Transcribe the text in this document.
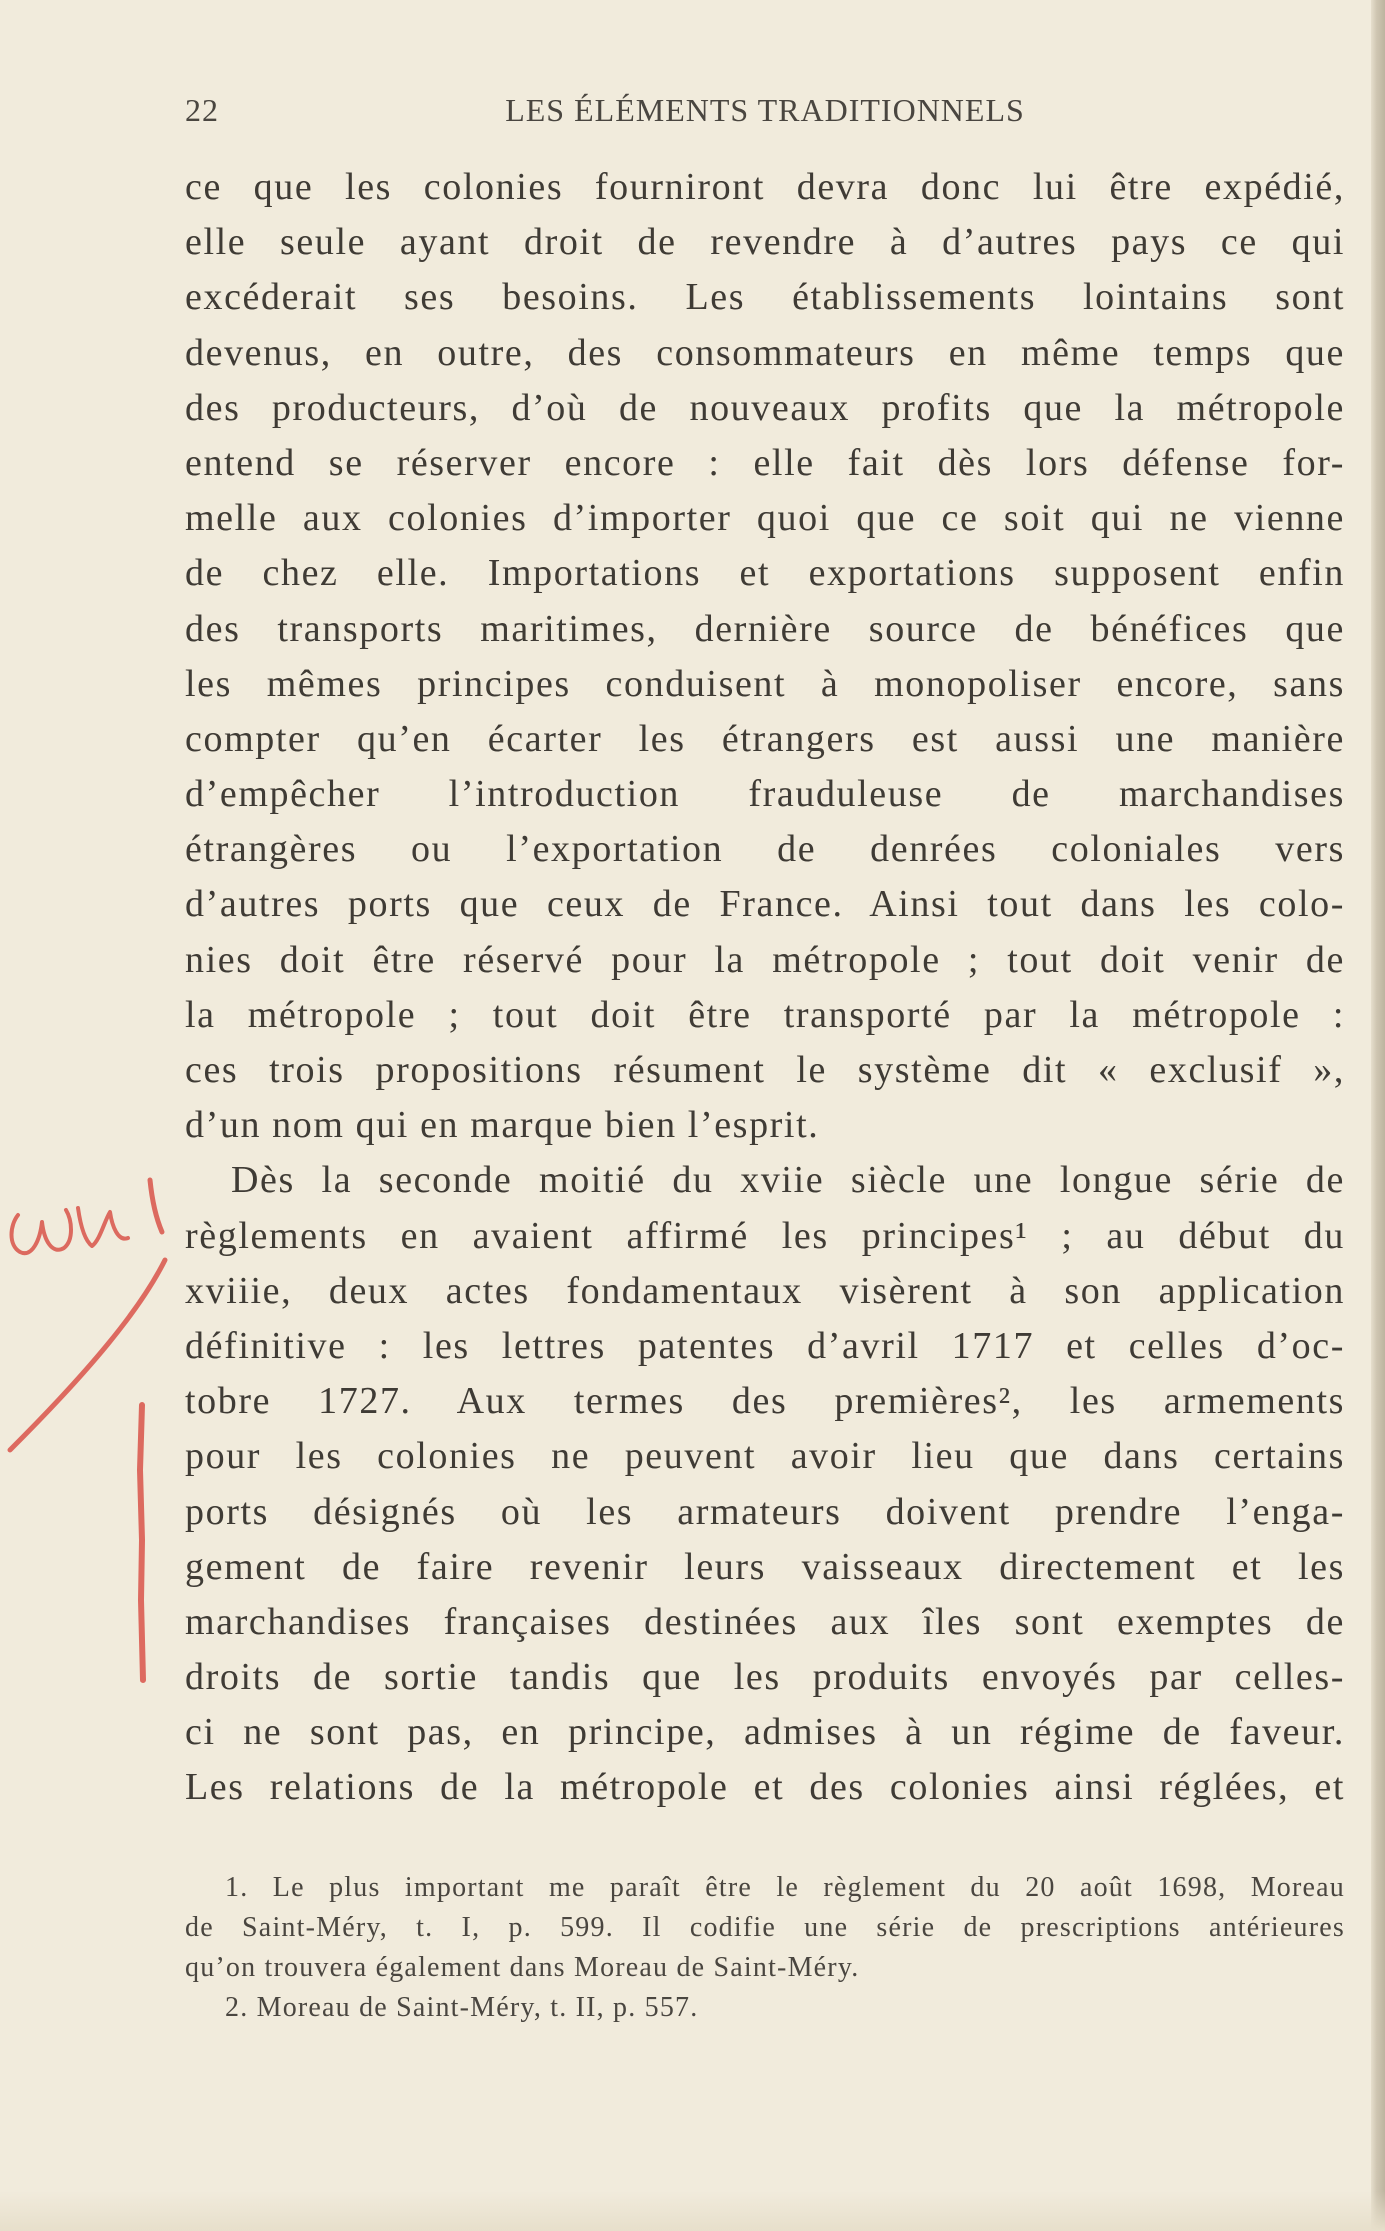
22	LES ÉLÉMENTS TRADITIONNELS
ce que les colonies fourniront devra donc lui être expédié,
elle seule ayant droit de revendre à d’autres pays ce qui
excéderait ses besoins. Les établissements lointains sont
devenus, en outre, des consommateurs en même temps que
des producteurs, d’où de nouveaux profits que la métropole
entend se réserver encore : elle fait dès lors défense for-
melle aux colonies d’importer quoi que ce soit qui ne vienne
de chez elle. Importations et exportations supposent enfin
des transports maritimes, dernière source de bénéfices que
les mêmes principes conduisent à monopoliser encore, sans
compter qu’en écarter les étrangers est aussi une manière
d’empêcher l’introduction frauduleuse de marchandises
étrangères ou l’exportation de denrées coloniales vers
d’autres ports que ceux de France. Ainsi tout dans les colo-
nies doit être réservé pour la métropole ; tout doit venir de
la métropole ; tout doit être transporté par la métropole :
ces trois propositions résument le système dit « exclusif »,
d’un nom qui en marque bien l’esprit.
Dès la seconde moitié du xviie siècle une longue série de
règlements en avaient affirmé les principes¹ ; au début du
xviiie, deux actes fondamentaux visèrent à son application
définitive : les lettres patentes d’avril 1717 et celles d’oc-
tobre 1727. Aux termes des premières², les armements
pour les colonies ne peuvent avoir lieu que dans certains
ports désignés où les armateurs doivent prendre l’enga-
gement de faire revenir leurs vaisseaux directement et les
marchandises françaises destinées aux îles sont exemptes de
droits de sortie tandis que les produits envoyés par celles-
ci ne sont pas, en principe, admises à un régime de faveur.
Les relations de la métropole et des colonies ainsi réglées, et
1. Le plus important me paraît être le règlement du 20 août 1698, Moreau
de Saint-Méry, t. I, p. 599. Il codifie une série de prescriptions antérieures
qu’on trouvera également dans Moreau de Saint-Méry.
2. Moreau de Saint-Méry, t. II, p. 557.
